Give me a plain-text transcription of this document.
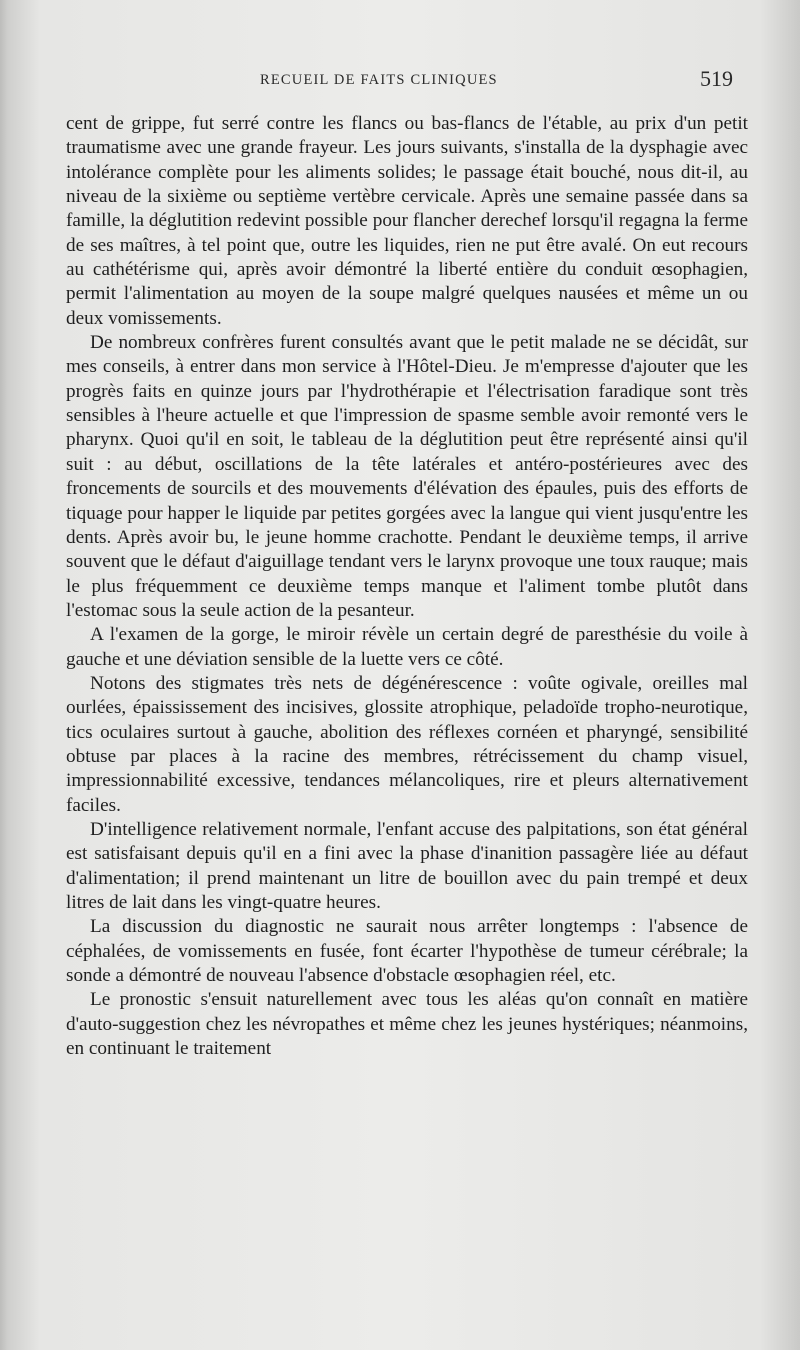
RECUEIL DE FAITS CLINIQUES	519

cent de grippe, fut serré contre les flancs ou bas-flancs de l'étable, au prix d'un petit traumatisme avec une grande frayeur. Les jours suivants, s'installa de la dysphagie avec intolérance complète pour les aliments solides; le passage était bouché, nous dit-il, au niveau de la sixième ou septième vertèbre cervicale. Après une semaine passée dans sa famille, la déglutition redevint possible pour flancher derechef lorsqu'il regagna la ferme de ses maîtres, à tel point que, outre les liquides, rien ne put être avalé. On eut recours au cathétérisme qui, après avoir démontré la liberté entière du conduit œsophagien, permit l'alimentation au moyen de la soupe malgré quelques nausées et même un ou deux vomissements.

De nombreux confrères furent consultés avant que le petit malade ne se décidât, sur mes conseils, à entrer dans mon service à l'Hôtel-Dieu. Je m'empresse d'ajouter que les progrès faits en quinze jours par l'hydrothérapie et l'électrisation faradique sont très sensibles à l'heure actuelle et que l'impression de spasme semble avoir remonté vers le pharynx. Quoi qu'il en soit, le tableau de la déglutition peut être représenté ainsi qu'il suit : au début, oscillations de la tête latérales et antéro-postérieures avec des froncements de sourcils et des mouvements d'élévation des épaules, puis des efforts de tiquage pour happer le liquide par petites gorgées avec la langue qui vient jusqu'entre les dents. Après avoir bu, le jeune homme crachotte. Pendant le deuxième temps, il arrive souvent que le défaut d'aiguillage tendant vers le larynx provoque une toux rauque; mais le plus fréquemment ce deuxième temps manque et l'aliment tombe plutôt dans l'estomac sous la seule action de la pesanteur.

A l'examen de la gorge, le miroir révèle un certain degré de paresthésie du voile à gauche et une déviation sensible de la luette vers ce côté.

Notons des stigmates très nets de dégénérescence : voûte ogivale, oreilles mal ourlées, épaississement des incisives, glossite atrophique, peladoïde tropho-neurotique, tics oculaires surtout à gauche, abolition des réflexes cornéen et pharyngé, sensibilité obtuse par places à la racine des membres, rétrécissement du champ visuel, impressionnabilité excessive, tendances mélancoliques, rire et pleurs alternativement faciles.

D'intelligence relativement normale, l'enfant accuse des palpitations, son état général est satisfaisant depuis qu'il en a fini avec la phase d'inanition passagère liée au défaut d'alimentation; il prend maintenant un litre de bouillon avec du pain trempé et deux litres de lait dans les vingt-quatre heures.

La discussion du diagnostic ne saurait nous arrêter longtemps : l'absence de céphalées, de vomissements en fusée, font écarter l'hypothèse de tumeur cérébrale; la sonde a démontré de nouveau l'absence d'obstacle œsophagien réel, etc.

Le pronostic s'ensuit naturellement avec tous les aléas qu'on connaît en matière d'auto-suggestion chez les névropathes et même chez les jeunes hystériques; néanmoins, en continuant le traitement
